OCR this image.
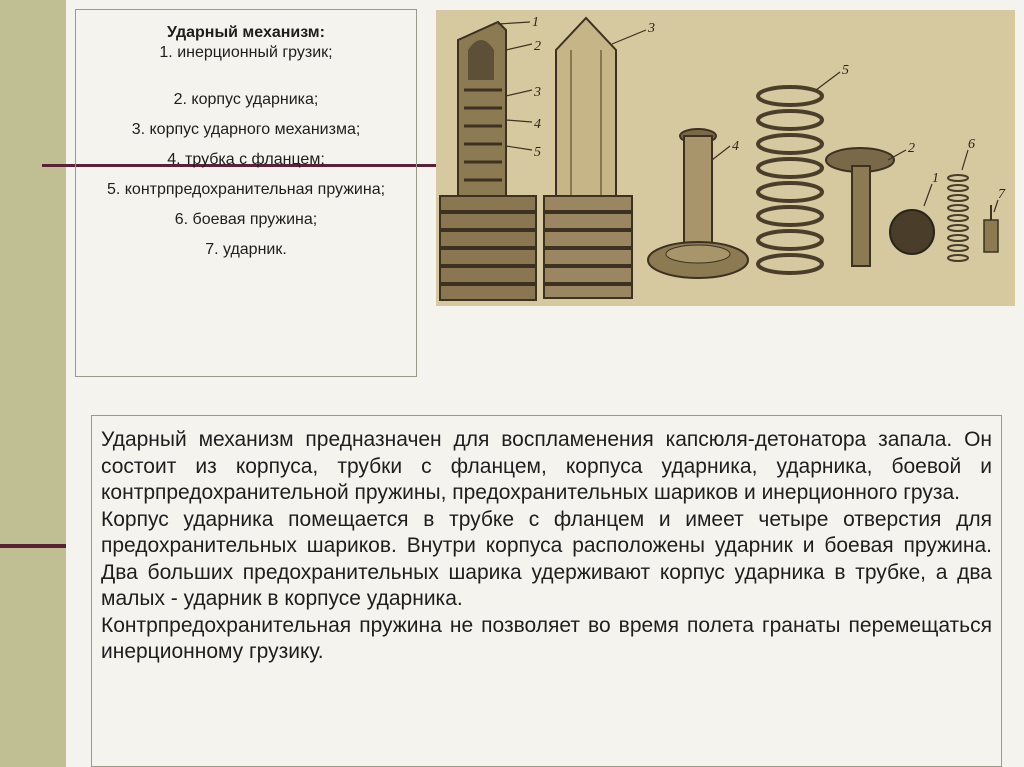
Ударный механизм:
1. инерционный грузик;
2. корпус ударника;
3. корпус ударного механизма;
4. трубка с фланцем;
5. контрпредохранительная пружина;
6. боевая пружина;
7. ударник.
1
2
3
4
5
3
4
5
2
1
6
7

Ударный механизм предназначен для воспламенения капсюля-детонатора запала. Он состоит из корпуса, трубки с фланцем, корпуса ударника, ударника, боевой и контрпредохранительной пружины, предохранительных шариков и инерционного груза.

Корпус ударника помещается в трубке с фланцем и имеет четыре отверстия для предохранительных шариков. Внутри корпуса расположены ударник и боевая пружина. Два больших предохранительных шарика удерживают корпус ударника в трубке, а два малых - ударник в корпусе ударника.

Контрпредохранительная пружина не позволяет во время полета гранаты перемещаться инерционному грузику.
